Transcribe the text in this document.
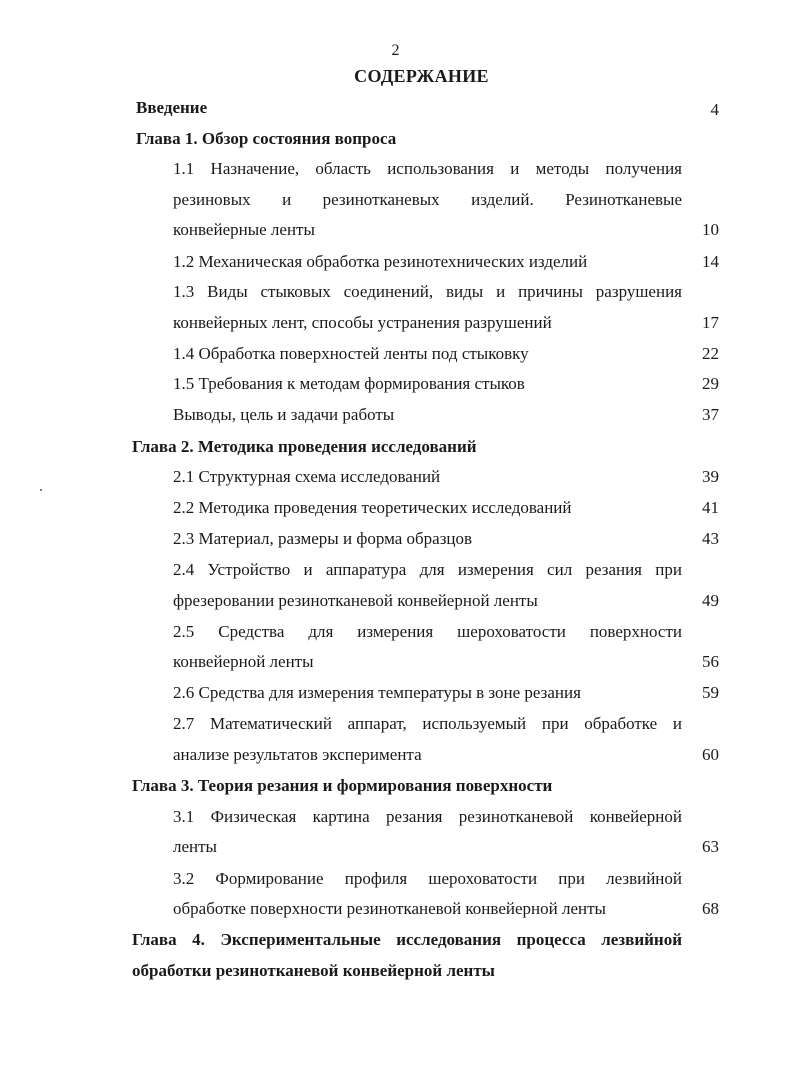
2
СОДЕРЖАНИЕ
Введение	4
Глава 1. Обзор состояния вопроса
1.1 Назначение, область использования и методы получения
резиновых и резинотканевых изделий. Резинотканевые
конвейерные ленты	10
1.2 Механическая обработка резинотехнических изделий	14
1.3 Виды стыковых соединений, виды и причины разрушения
конвейерных лент, способы устранения разрушений	17
1.4 Обработка поверхностей ленты под стыковку	22
1.5 Требования к методам формирования стыков	29
Выводы, цель и задачи работы	37
Глава 2. Методика проведения исследований
2.1 Структурная схема исследований	39
2.2 Методика проведения теоретических исследований	41
2.3 Материал, размеры и форма образцов	43
2.4 Устройство и аппаратура для измерения сил резания при
фрезеровании резинотканевой конвейерной ленты	49
2.5 Средства для измерения шероховатости поверхности
конвейерной ленты	56
2.6 Средства для измерения температуры в зоне резания	59
2.7 Математический аппарат, используемый при обработке и
анализе результатов эксперимента	60
Глава 3. Теория резания и формирования поверхности
3.1 Физическая картина резания резинотканевой конвейерной
ленты	63
3.2 Формирование профиля шероховатости при лезвийной
обработке поверхности резинотканевой конвейерной ленты	68
Глава 4. Экспериментальные исследования процесса лезвийной
обработки резинотканевой конвейерной ленты
